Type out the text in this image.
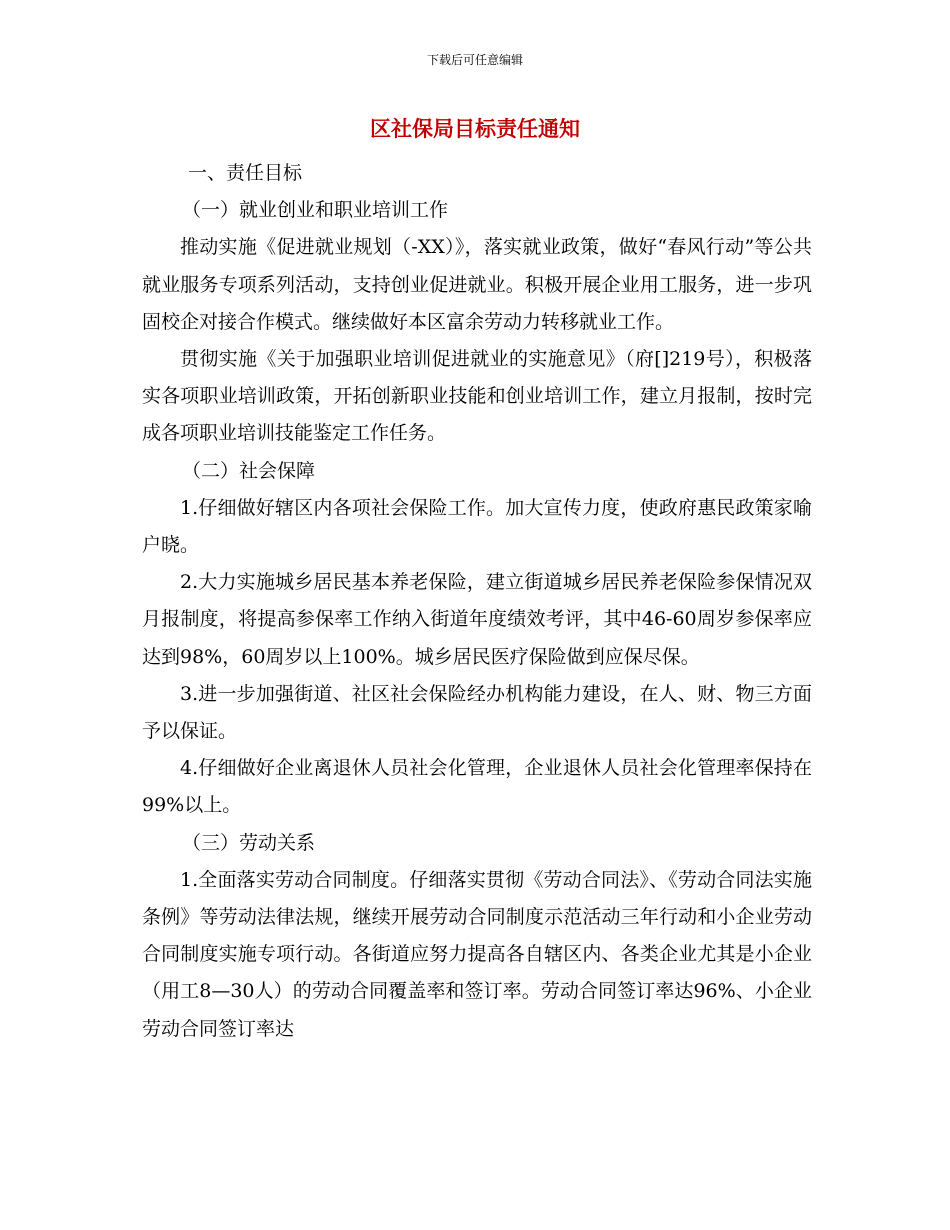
下载后可任意编辑
区社保局目标责任通知

一、责任目标

（一）就业创业和职业培训工作

推动实施《促进就业规划（-XX）》，落实就业政策，做好“春风行动”等公共就业服务专项系列活动，支持创业促进就业。积极开展企业用工服务，进一步巩固校企对接合作模式。继续做好本区富余劳动力转移就业工作。

贯彻实施《关于加强职业培训促进就业的实施意见》（府[]219号），积极落实各项职业培训政策，开拓创新职业技能和创业培训工作，建立月报制，按时完成各项职业培训技能鉴定工作任务。

（二）社会保障

1.仔细做好辖区内各项社会保险工作。加大宣传力度，使政府惠民政策家喻户晓。

2.大力实施城乡居民基本养老保险，建立街道城乡居民养老保险参保情况双月报制度，将提高参保率工作纳入街道年度绩效考评，其中46-60周岁参保率应达到98%，60周岁以上100%。城乡居民医疗保险做到应保尽保。

3.进一步加强街道、社区社会保险经办机构能力建设，在人、财、物三方面予以保证。

4.仔细做好企业离退休人员社会化管理，企业退休人员社会化管理率保持在99%以上。

（三）劳动关系

1.全面落实劳动合同制度。仔细落实贯彻《劳动合同法》、《劳动合同法实施条例》等劳动法律法规，继续开展劳动合同制度示范活动三年行动和小企业劳动合同制度实施专项行动。各街道应努力提高各自辖区内、各类企业尤其是小企业（用工8—30人）的劳动合同覆盖率和签订率。劳动合同签订率达96%、小企业劳动合同签订率达
